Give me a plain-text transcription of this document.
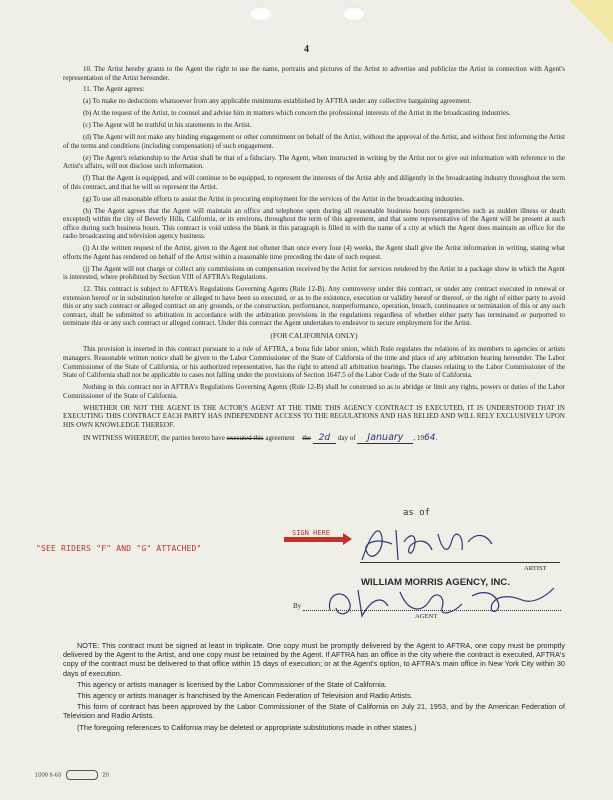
4

10. The Artist hereby grants to the Agent the right to use the name, portraits and pictures of the Artist to advertise and publicize the Artist in connection with Agent's representation of the Artist hereunder.

11. The Agent agrees:

(a) To make no deductions whatsoever from any applicable minimums established by AFTRA under any collective bargaining agreement.

(b) At the request of the Artist, to counsel and advise him in matters which concern the professional interests of the Artist in the broadcasting industries.

(c) The Agent will be truthful in his statements to the Artist.

(d) The Agent will not make any binding engagement or other commitment on behalf of the Artist, without the approval of the Artist, and without first informing the Artist of the terms and conditions (including compensation) of such engagement.

(e) The Agent's relationship to the Artist shall be that of a fiduciary. The Agent, when instructed in writing by the Artist not to give out information with reference to the Artist's affairs, will not disclose such information.

(f) That the Agent is equipped, and will continue to be equipped, to represent the interests of the Artist ably and diligently in the broadcasting industry throughout the term of this contract, and that he will so represent the Artist.

(g) To use all reasonable efforts to assist the Artist in procuring employment for the services of the Artist in the broadcasting industries.

(h) The Agent agrees that the Agent will maintain an office and telephone open during all reasonable business hours (emergencies such as sudden illness or death excepted) within the city of Beverly Hills, California, or its environs, throughout the term of this agreement, and that some representative of the Agent will be present at such office during such business hours. This contract is void unless the blank in this paragraph is filled in with the name of a city at which the Agent does maintain an office for the radio broadcasting and television agency business.

(i) At the written request of the Artist, given to the Agent not oftener than once every four (4) weeks, the Agent shall give the Artist information in writing, stating what efforts the Agent has rendered on behalf of the Artist within a reasonable time preceding the date of such request.

(j) The Agent will not charge or collect any commissions on compensation received by the Artist for services rendered by the Artist in a package show in which the Agent is interested, where prohibited by Section VIII of AFTRA's Regulations.

12. This contract is subject to AFTRA's Regulations Governing Agents (Rule 12-B). Any controversy under this contract, or under any contract executed in renewal or extension hereof or in substitution herefor or alleged to have been so executed, or as to the existence, execution or validity hereof or thereof, or the right of either party to avoid this or any such contract or alleged contract on any grounds, or the construction, performance, nonperformance, operation, breach, continuance or termination of this or any such contract, shall be submitted to arbitration in accordance with the arbitration provisions in the regulations regardless of whether either party has terminated or purported to terminate this or any such contract or alleged contract. Under this contract the Agent undertakes to endeavor to secure employment for the Artist.

(FOR CALIFORNIA ONLY)

This provision is inserted in this contract pursuant to a rule of AFTRA, a bona fide labor union, which Rule regulates the relations of its members to agencies or artists managers. Reasonable written notice shall be given to the Labor Commissioner of the State of California of the time and place of any arbitration hearing hereunder. The Labor Commissioner of the State of California, or his authorized representative, has the right to attend all arbitration hearings. The clauses relating to the Labor Commissioner of the State of California shall not be applicable to cases not falling under the provisions of Section 1647.5 of the Labor Code of the State of California.

Nothing in this contract nor in AFTRA's Regulations Governing Agents (Rule 12-B) shall be construed so as to abridge or limit any rights, powers or duties of the Labor Commissioner of the State of California.

WHETHER OR NOT THE AGENT IS THE ACTOR'S AGENT AT THE TIME THIS AGENCY CONTRACT IS EXECUTED, IT IS UNDERSTOOD THAT IN EXECUTING THIS CONTRACT EACH PARTY HAS INDEPENDENT ACCESS TO THE REGULATIONS AND HAS RELIED AND WILL RELY EXCLUSIVELY UPON HIS OWN KNOWLEDGE THEREOF.

IN WITNESS WHEREOF, the parties hereto have executed this agreement the 2d day of January , 1964.

as of
SIGN HERE
"SEE RIDERS "F" AND "G" ATTACHED"
ARTIST
WILLIAM MORRIS AGENCY, INC.
By
AGENT

NOTE: This contract must be signed at least in triplicate. One copy must be promptly delivered by the Agent to AFTRA, one copy must be promptly delivered by the Agent to the Artist, and one copy must be retained by the Agent. If AFTRA has an office in the city where the contract is executed, AFTRA's copy of the contract must be delivered to that office within 15 days of execution; or at the Agent's option, to AFTRA's main office in New York City within 30 days of execution.

This agency or artists manager is licensed by the Labor Commissioner of the State of California.

This agency or artists manager is franchised by the American Federation of Television and Radio Artists.

This form of contract has been approved by the Labor Commissioner of the State of California on July 21, 1953, and by the American Federation of Television and Radio Artists.

(The foregoing references to California may be deleted or appropriate substitutions made in other states.)

1000 6-63	20
